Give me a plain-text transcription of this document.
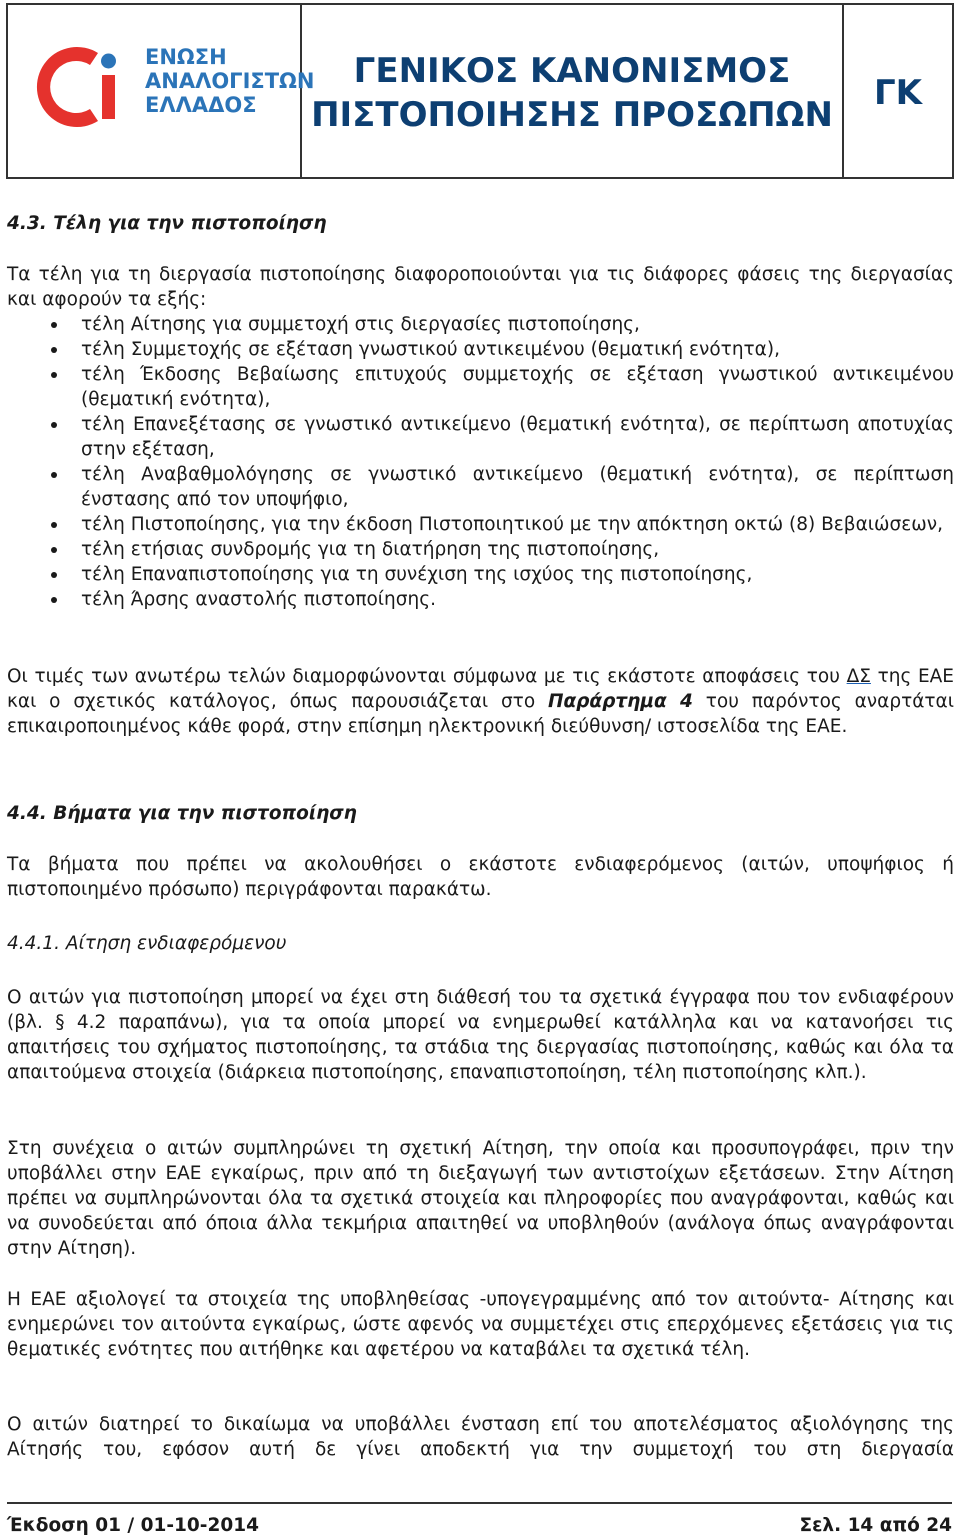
ΕΝΩΣΗ
ΑΝΑΛΟΓΙΣΤΩΝ
ΕΛΛΑΔΟΣ
ΓΕΝΙΚΟΣ ΚΑΝΟΝΙΣΜΟΣ
ΠΙΣΤΟΠΟΙΗΣΗΣ ΠΡΟΣΩΠΩΝ
ΓΚ
4.3. Τέλη για την πιστοποίηση
Τα τέλη για τη διεργασία πιστοποίησης διαφοροποιούνται για τις διάφορες φάσεις της διεργασίας και αφορούν τα εξής:
τέλη Αίτησης για συμμετοχή στις διεργασίες πιστοποίησης,
τέλη Συμμετοχής σε εξέταση γνωστικού αντικειμένου (θεματική ενότητα),
τέλη Έκδοσης Βεβαίωσης επιτυχούς συμμετοχής σε εξέταση γνωστικού αντικειμένου (θεματική ενότητα),
τέλη Επανεξέτασης σε γνωστικό αντικείμενο (θεματική ενότητα), σε περίπτωση αποτυχίας στην εξέταση,
τέλη Αναβαθμολόγησης σε γνωστικό αντικείμενο (θεματική ενότητα), σε περίπτωση ένστασης από τον υποψήφιο,
τέλη Πιστοποίησης, για την έκδοση Πιστοποιητικού με την απόκτηση οκτώ (8) Βεβαιώσεων,
τέλη ετήσιας συνδρομής για τη διατήρηση της πιστοποίησης,
τέλη Επαναπιστοποίησης για τη συνέχιση της ισχύος της πιστοποίησης,
τέλη Άρσης αναστολής πιστοποίησης.
Οι τιμές των ανωτέρω τελών διαμορφώνονται σύμφωνα με τις εκάστοτε αποφάσεις του ΔΣ της ΕΑΕ και ο σχετικός κατάλογος, όπως παρουσιάζεται στο Παράρτημα 4 του παρόντος αναρτάται επικαιροποιημένος κάθε φορά, στην επίσημη ηλεκτρονική διεύθυνση/ ιστοσελίδα της ΕΑΕ.
4.4. Βήματα για την πιστοποίηση
Τα βήματα που πρέπει να ακολουθήσει ο εκάστοτε ενδιαφερόμενος (αιτών, υποψήφιος ή πιστοποιημένο πρόσωπο) περιγράφονται παρακάτω.
4.4.1. Αίτηση ενδιαφερόμενου
Ο αιτών για πιστοποίηση μπορεί να έχει στη διάθεσή του τα σχετικά έγγραφα που τον ενδιαφέρουν (βλ. § 4.2 παραπάνω), για τα οποία μπορεί να ενημερωθεί κατάλληλα και να κατανοήσει τις απαιτήσεις του σχήματος πιστοποίησης, τα στάδια της διεργασίας πιστοποίησης, καθώς και όλα τα απαιτούμενα στοιχεία (διάρκεια πιστοποίησης, επαναπιστοποίηση, τέλη πιστοποίησης κλπ.).
Στη συνέχεια ο αιτών συμπληρώνει τη σχετική Αίτηση, την οποία και προσυπογράφει, πριν την υποβάλλει στην ΕΑΕ εγκαίρως, πριν από τη διεξαγωγή των αντιστοίχων εξετάσεων. Στην Αίτηση πρέπει να συμπληρώνονται όλα τα σχετικά στοιχεία και πληροφορίες που αναγράφονται, καθώς και να συνοδεύεται από όποια άλλα τεκμήρια απαιτηθεί να υποβληθούν (ανάλογα όπως αναγράφονται στην Αίτηση).
Η ΕΑΕ αξιολογεί τα στοιχεία της υποβληθείσας -υπογεγραμμένης από τον αιτούντα- Αίτησης και ενημερώνει τον αιτούντα εγκαίρως, ώστε αφενός να συμμετέχει στις επερχόμενες εξετάσεις για τις θεματικές ενότητες που αιτήθηκε και αφετέρου να καταβάλει τα σχετικά τέλη.
Ο αιτών διατηρεί το δικαίωμα να υποβάλλει ένσταση επί του αποτελέσματος αξιολόγησης της Αίτησής του, εφόσον αυτή δε γίνει αποδεκτή για την συμμετοχή του στη διεργασία
Έκδοση 01 / 01-10-2014	Σελ. 14 από 24
